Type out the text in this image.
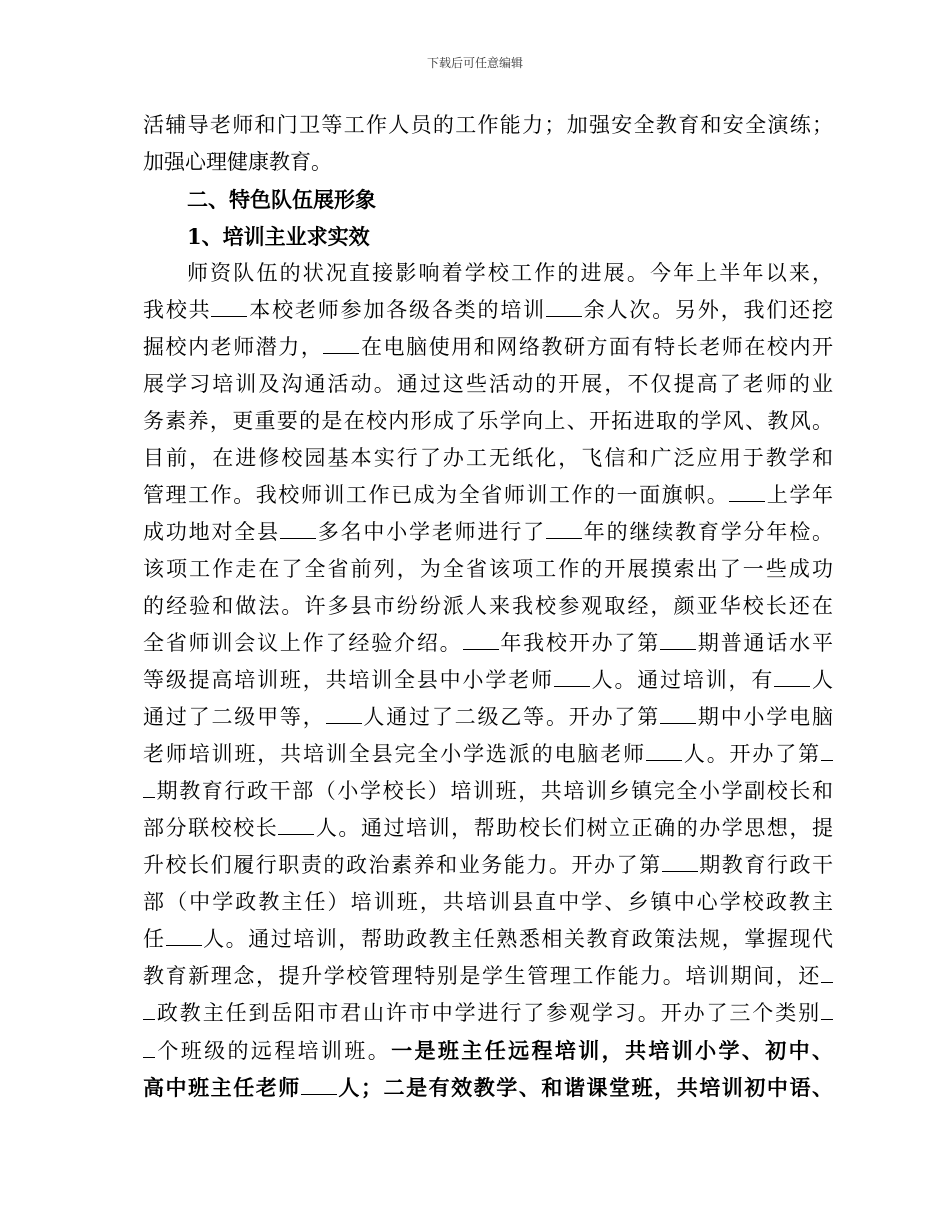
下载后可任意编辑
活辅导老师和门卫等工作人员的工作能力；加强安全教育和安全演练；
加强心理健康教育。
二、特色队伍展形象
1、培训主业求实效
师资队伍的状况直接影响着学校工作的进展。今年上半年以来，
我校共 本校老师参加各级各类的培训 余人次。另外，我们还挖
掘校内老师潜力， 在电脑使用和网络教研方面有特长老师在校内开
展学习培训及沟通活动。通过这些活动的开展，不仅提高了老师的业
务素养，更重要的是在校内形成了乐学向上、开拓进取的学风、教风。
目前，在进修校园基本实行了办工无纸化，飞信和广泛应用于教学和
管理工作。我校师训工作已成为全省师训工作的一面旗帜。 上学年
成功地对全县 多名中小学老师进行了 年的继续教育学分年检。
该项工作走在了全省前列，为全省该项工作的开展摸索出了一些成功
的经验和做法。许多县市纷纷派人来我校参观取经，颜亚华校长还在
全省师训会议上作了经验介绍。 年我校开办了第 期普通话水平
等级提高培训班，共培训全县中小学老师 人。通过培训，有 人
通过了二级甲等， 人通过了二级乙等。开办了第 期中小学电脑
老师培训班，共培训全县完全小学选派的电脑老师 人。开办了第
期教育行政干部（小学校长）培训班，共培训乡镇完全小学副校长和
部分联校校长 人。通过培训，帮助校长们树立正确的办学思想，提
升校长们履行职责的政治素养和业务能力。开办了第 期教育行政干
部（中学政教主任）培训班，共培训县直中学、乡镇中心学校政教主
任 人。通过培训，帮助政教主任熟悉相关教育政策法规，掌握现代
教育新理念，提升学校管理特别是学生管理工作能力。培训期间，还
政教主任到岳阳市君山许市中学进行了参观学习。开办了三个类别
个班级的远程培训班。一是班主任远程培训，共培训小学、初中、
高中班主任老师 人；二是有效教学、和谐课堂班，共培训初中语、
